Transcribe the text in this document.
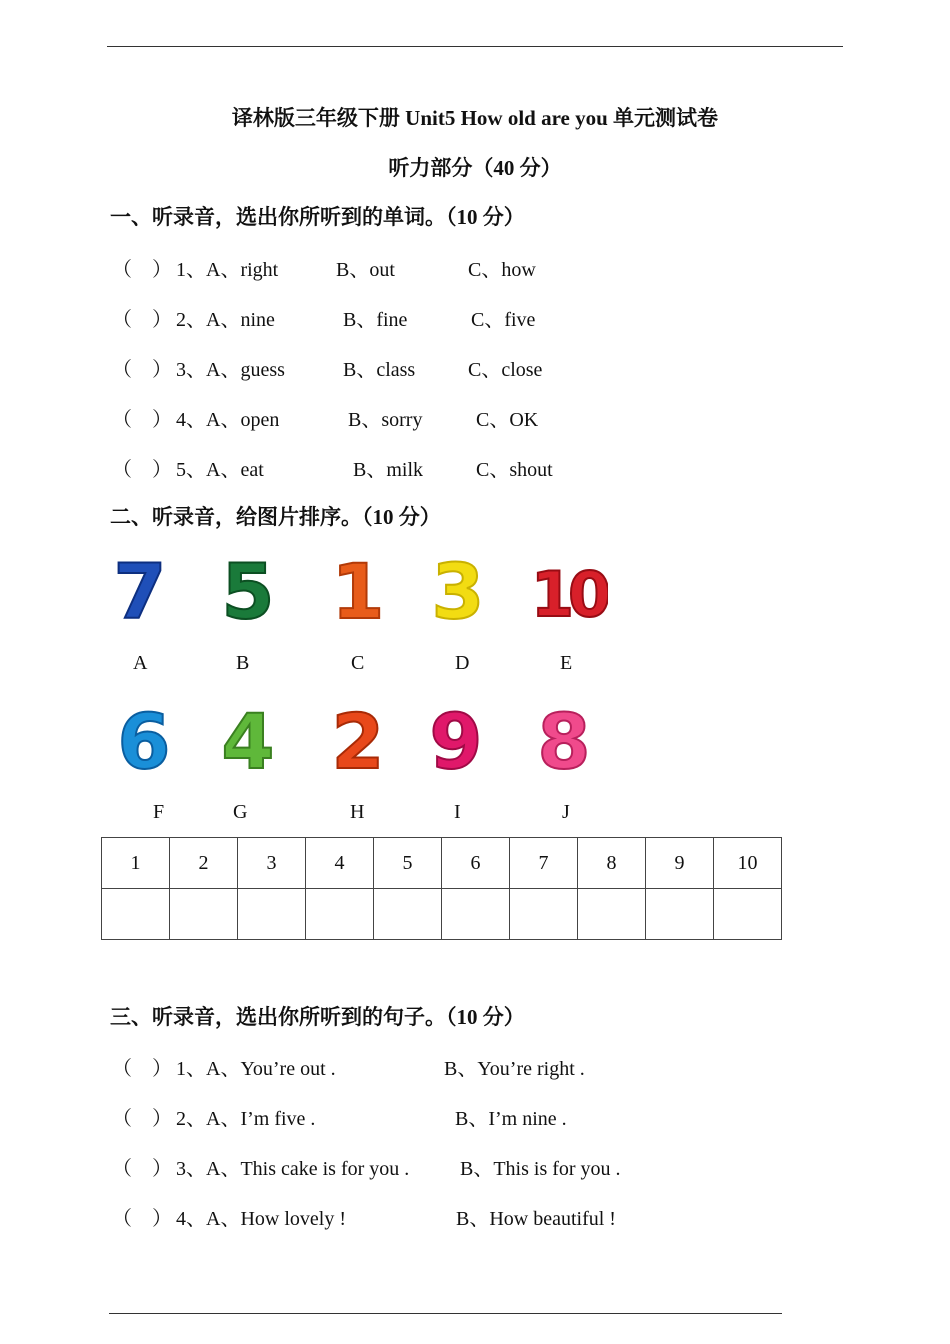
译林版三年级下册 Unit5 How old are you 单元测试卷
听力部分（40 分）
一、听录音，选出你所听到的单词。（10 分）
（　） 1、A、right	B、out	C、how
（　） 2、A、nine	B、fine	C、five
（　） 3、A、guess	B、class	C、close
（　） 4、A、open	B、sorry	C、OK
（　） 5、A、eat	B、milk	C、shout
二、听录音，给图片排序。（10 分）
7 5 1 3 10
A	B	C	D	E
6 4 2 9 8
F	G	H	I	J
1	2	3	4	5	6	7	8	9	10

三、听录音，选出你所听到的句子。（10 分）
（　） 1、A、You’re out .	B、You’re right .
（　） 2、A、I’m five .	B、I’m nine .
（　） 3、A、This cake is for you .	B、This is for you .
（　） 4、A、How lovely !	B、How beautiful !
